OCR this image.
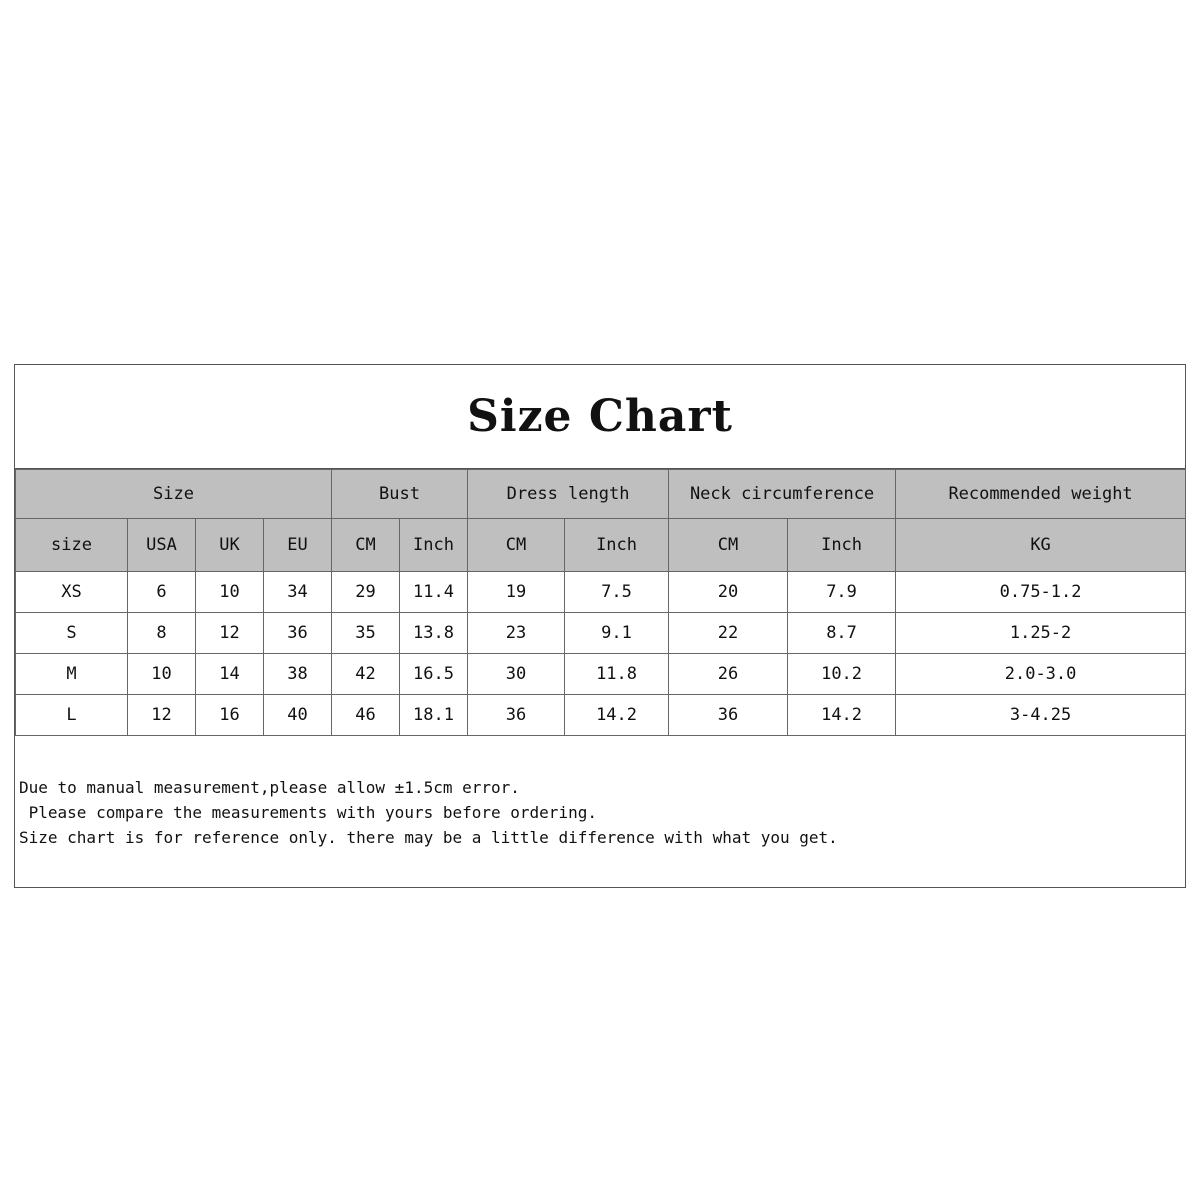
Size Chart
Size				Bust		Dress length		Neck circumference		Recommended weight
size	USA	UK	EU	CM	Inch	CM	Inch	CM	Inch	KG
XS	6	10	34	29	11.4	19	7.5	20	7.9	0.75-1.2
S	8	12	36	35	13.8	23	9.1	22	8.7	1.25-2
M	10	14	38	42	16.5	30	11.8	26	10.2	2.0-3.0
L	12	16	40	46	18.1	36	14.2	36	14.2	3-4.25
Due to manual measurement,please allow ±1.5cm error.
Please compare the measurements with yours before ordering.
Size chart is for reference only. there may be a little difference with what you get.
